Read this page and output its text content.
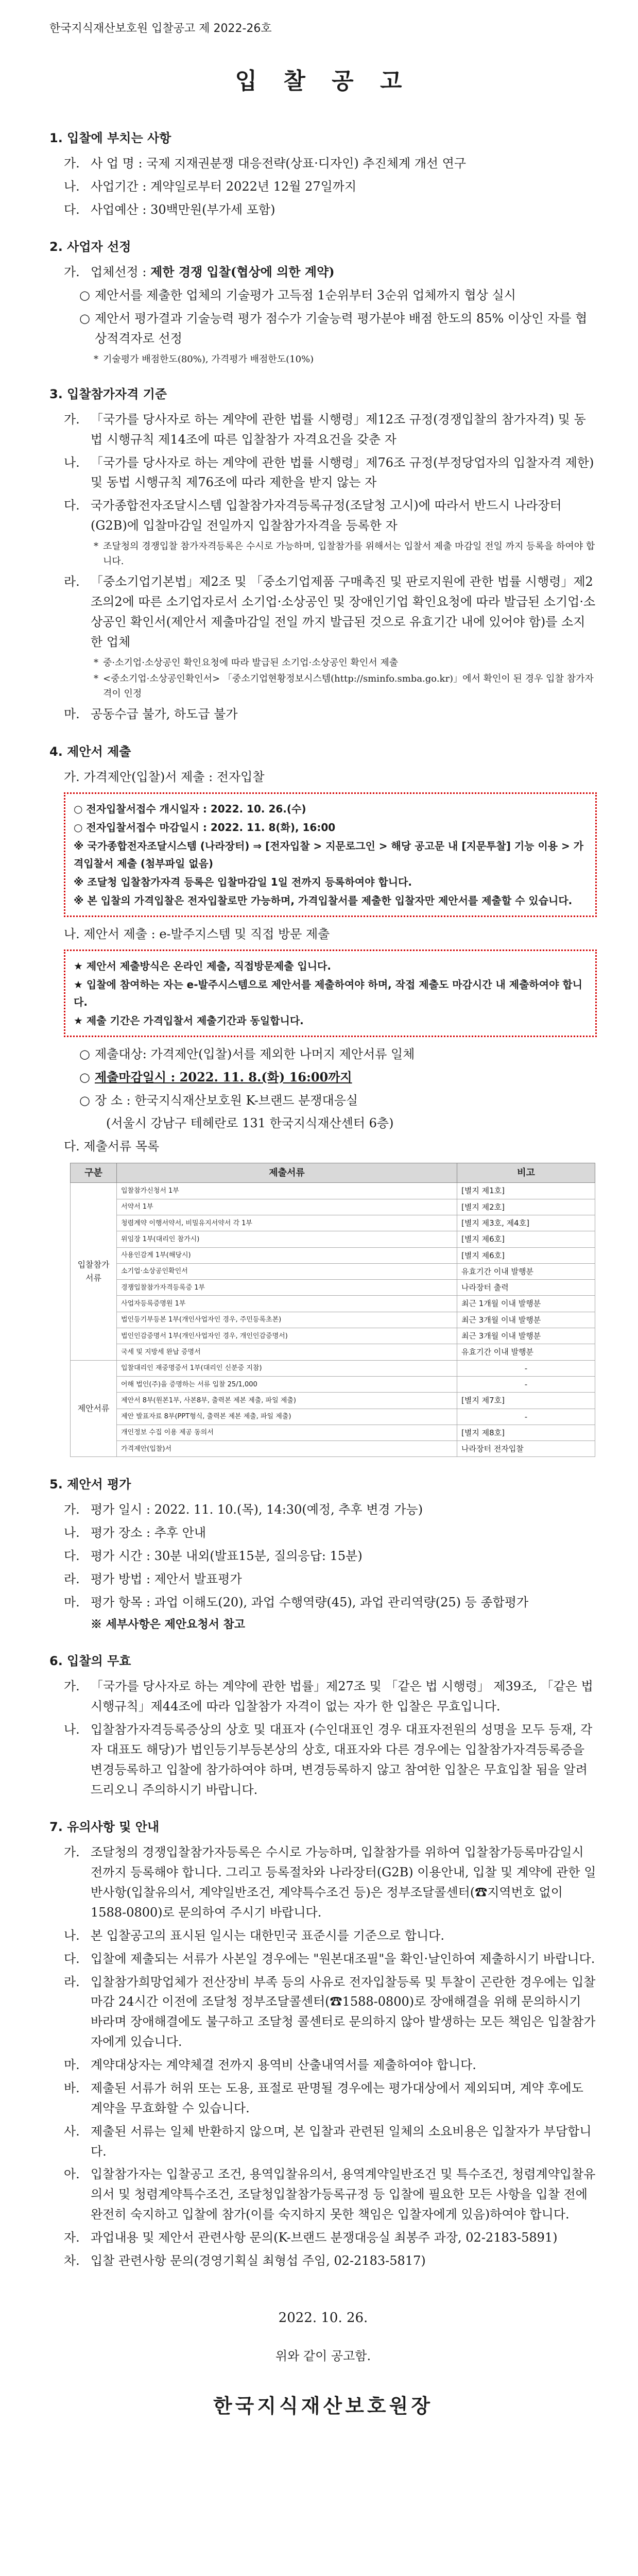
한국지식재산보호원 입찰공고 제 2022-26호
입 찰 공 고
1. 입찰에 부치는 사항
가. 사 업 명 : 국제 지재권분쟁 대응전략(상표·디자인) 추진체계 개선 연구
나. 사업기간 : 계약일로부터 2022년 12월 27일까지
다. 사업예산 : 30백만원(부가세 포함)
2. 사업자 선정
가. 업체선정 : 제한 경쟁 입찰(협상에 의한 계약)
○ 제안서를 제출한 업체의 기술평가 고득점 1순위부터 3순위 업체까지 협상 실시
○ 제안서 평가결과 기술능력 평가 점수가 기술능력 평가분야 배점 한도의 85% 이상인 자를 협상적격자로 선정
* 기술평가 배점한도(80%), 가격평가 배점한도(10%)
3. 입찰참가자격 기준
가. 「국가를 당사자로 하는 계약에 관한 법률 시행령」제12조 규정(경쟁입찰의 참가자격) 및 동법 시행규칙 제14조에 따른 입찰참가 자격요건을 갖춘 자
나. 「국가를 당사자로 하는 계약에 관한 법률 시행령」제76조 규정(부정당업자의 입찰자격 제한) 및 동법 시행규칙 제76조에 따라 제한을 받지 않는 자
다. 국가종합전자조달시스템 입찰참가자격등록규정(조달청 고시)에 따라서 반드시 나라장터(G2B)에 입찰마감일 전일까지 입찰참가자격을 등록한 자
* 조달청의 경쟁입찰 참가자격등록은 수시로 가능하며, 입찰참가를 위해서는 입찰서 제출 마감일 전일 까지 등록을 하여야 합니다.
라. 「중소기업기본법」제2조 및 「중소기업제품 구매촉진 및 판로지원에 관한 법률 시행령」제2조의2에 따른 소기업자로서 소기업·소상공인 및 장애인기업 확인요청에 따라 발급된 소기업·소상공인 확인서(제안서 제출마감일 전일 까지 발급된 것으로 유효기간 내에 있어야 함)를 소지한 업체
* 중·소기업·소상공인 확인요청에 따라 발급된 소기업·소상공인 확인서 제출
* <중소기업·소상공인확인서> 「중소기업현황정보시스템(http://sminfo.smba.go.kr)」에서 확인이 된 경우 입찰 참가자격이 인정
마. 공동수급 불가, 하도급 불가
4. 제안서 제출
가. 가격제안(입찰)서 제출 : 전자입찰

○ 전자입찰서접수 개시일자 : 2022. 10. 26.(수)

○ 전자입찰서접수 마감일시 : 2022. 11. 8(화), 16:00

※ 국가종합전자조달시스템 (나라장터) ⇒ [전자입찰 > 지문로그인 > 해당 공고문 내 [지문투찰] 기능 이용 > 가격입찰서 제출 (첨부파일 없음)

※ 조달청 입찰참가자격 등록은 입찰마감일 1일 전까지 등록하여야 합니다.

※ 본 입찰의 가격입찰은 전자입찰로만 가능하며, 가격입찰서를 제출한 입찰자만 제안서를 제출할 수 있습니다.

나. 제안서 제출 : e-발주지스템 및 직접 방문 제출

★ 제안서 제출방식은 온라인 제출, 직접방문제출 입니다.

★ 입찰에 참여하는 자는 e-발주시스템으로 제안서를 제출하여야 하며, 작접 제출도 마감시간 내 제출하여야 합니다.

★ 제출 기간은 가격입찰서 제출기간과 동일합니다.

○ 제출대상: 가격제안(입찰)서를 제외한 나머지 제안서류 일체
○ 제출마감일시 : 2022. 11. 8.(화) 16:00까지
○ 장 소 : 한국지식재산보호원 K-브랜드 분쟁대응실
(서울시 강남구 테헤란로 131 한국지식재산센터 6층)
다. 제출서류 목록
구분	제출서류	비고
입찰참가
서류	입찰참가신청서 1부	[별지 제1호]
	서약서 1부	[별지 제2호]
	청렴계약 이행서약서, 비밀유지서약서 각 1부	[별지 제3호, 제4호]
	위임장 1부(대리인 참가시)	[별지 제6호]
	사용인감계 1부(해당시)	[별지 제6호]
	소기업·소상공인확인서	유효기간 이내 발행분
	경쟁입찰참가자격등록증 1부	나라장터 출력
	사업자등록증명원 1부	최근 1개월 이내 발행분
	법인등기부등본 1부(개인사업자인 경우, 주민등록초본)	최근 3개월 이내 발행분
	법인인감증명서 1부(개인사업자인 경우, 개인인감증명서)	최근 3개월 이내 발행분
	국세 및 지방세 완납 증명서	유효기간 이내 발행분
제안서류	입찰대리인 재중명증서 1부(대리인 신분증 지참)	-
	어해 법인(주)을 증명하는 서류 입찰 25/1,000	-
	제안서 8부(원본1부, 사본8부, 출력본 제본 제출, 파일 제출)	[별지 제7호]
	제안 발표자료 8부(PPT형식, 출력본 제본 제출, 파일 제출)	-
	개인정보 수집 이용 제공 동의서	[별지 제8호]
	가격제안(입찰)서	나라장터 전자입찰
5. 제안서 평가
가. 평가 일시 : 2022. 11. 10.(목), 14:30(예정, 추후 변경 가능)
나. 평가 장소 : 추후 안내
다. 평가 시간 : 30분 내외(발표15분, 질의응답: 15분)
라. 평가 방법 : 제안서 발표평가
마. 평가 항목 : 과업 이해도(20), 과업 수행역량(45), 과업 관리역량(25) 등 종합평가
※ 세부사항은 제안요청서 참고
6. 입찰의 무효
가. 「국가를 당사자로 하는 계약에 관한 법률」제27조 및 「같은 법 시행령」 제39조, 「같은 법 시행규칙」제44조에 따라 입찰참가 자격이 없는 자가 한 입찰은 무효입니다.
나. 입찰참가자격등록증상의 상호 및 대표자 (수인대표인 경우 대표자전원의 성명을 모두 등재, 각자 대표도 해당)가 법인등기부등본상의 상호, 대표자와 다른 경우에는 입찰참가자격등록증을 변경등록하고 입찰에 참가하여야 하며, 변경등록하지 않고 참여한 입찰은 무효입찰 됨을 알려드리오니 주의하시기 바랍니다.
7. 유의사항 및 안내
가. 조달청의 경쟁입찰참가자등록은 수시로 가능하며, 입찰참가를 위하여 입찰참가등록마감일시 전까지 등록해야 합니다. 그리고 등록절차와 나라장터(G2B) 이용안내, 입찰 및 계약에 관한 일반사항(입찰유의서, 계약일반조건, 계약특수조건 등)은 정부조달콜센터(☎지역번호 없이 1588-0800)로 문의하여 주시기 바랍니다.
나. 본 입찰공고의 표시된 일시는 대한민국 표준시를 기준으로 합니다.
다. 입찰에 제출되는 서류가 사본일 경우에는 "원본대조필"을 확인·날인하여 제출하시기 바랍니다.
라. 입찰참가희망업체가 전산장비 부족 등의 사유로 전자입찰등록 및 투찰이 곤란한 경우에는 입찰마감 24시간 이전에 조달청 정부조달콜센터(☎1588-0800)로 장애해결을 위해 문의하시기 바라며 장애해결에도 불구하고 조달청 콜센터로 문의하지 않아 발생하는 모든 책임은 입찰참가자에게 있습니다.
마. 계약대상자는 계약체결 전까지 용역비 산출내역서를 제출하여야 합니다.
바. 제출된 서류가 허위 또는 도용, 표절로 판명될 경우에는 평가대상에서 제외되며, 계약 후에도 계약을 무효화할 수 있습니다.
사. 제출된 서류는 일체 반환하지 않으며, 본 입찰과 관련된 일체의 소요비용은 입찰자가 부담합니다.
아. 입찰참가자는 입찰공고 조건, 용역입찰유의서, 용역계약일반조건 및 특수조건, 청렴계약입찰유의서 및 청렴계약특수조건, 조달청입찰참가등록규정 등 입찰에 필요한 모든 사항을 입찰 전에 완전히 숙지하고 입찰에 참가(이를 숙지하지 못한 책임은 입찰자에게 있음)하여야 합니다.
자. 과업내용 및 제안서 관련사항 문의(K-브랜드 분쟁대응실 최봉주 과장, 02-2183-5891)
차. 입찰 관련사항 문의(경영기획실 최형섭 주임, 02-2183-5817)
2022. 10. 26.
위와 같이 공고함.
한국지식재산보호원장
